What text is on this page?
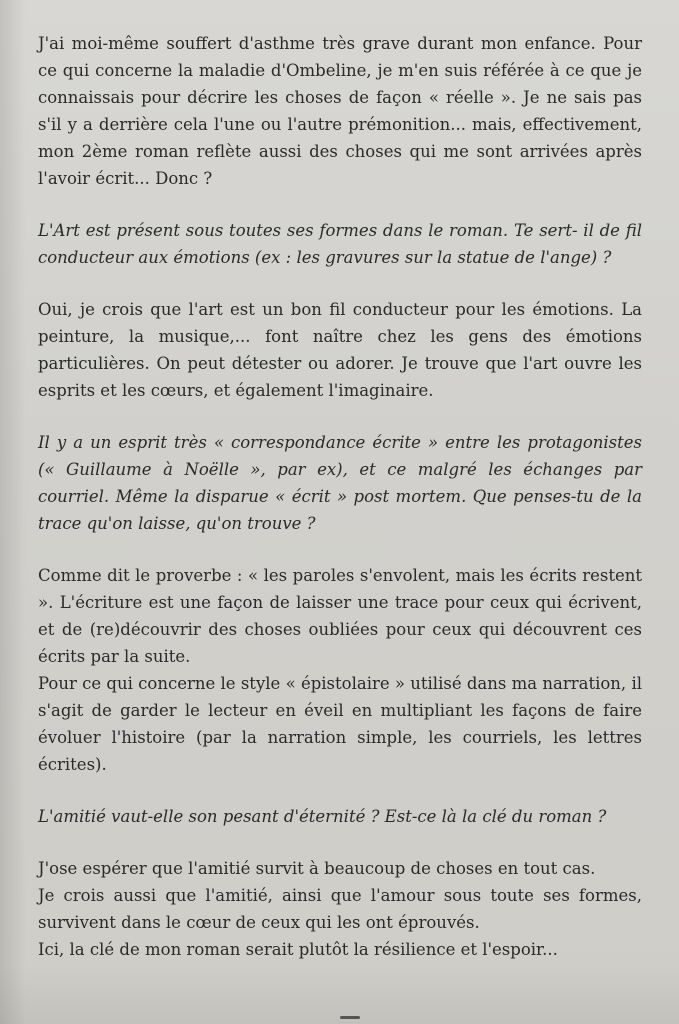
J'ai moi-même souffert d'asthme très grave durant mon enfance. Pour ce qui concerne la maladie d'Ombeline, je m'en suis référée à ce que je connaissais pour décrire les choses de façon « réelle ». Je ne sais pas s'il y a derrière cela l'une ou l'autre prémonition... mais, effectivement, mon 2ème roman reflète aussi des choses qui me sont arrivées après l'avoir écrit... Donc ?

L'Art est présent sous toutes ses formes dans le roman. Te sert- il de fil conducteur aux émotions (ex : les gravures sur la statue de l'ange) ?

Oui, je crois que l'art est un bon fil conducteur pour les émotions. La peinture, la musique,... font naître chez les gens des émotions particulières. On peut détester ou adorer. Je trouve que l'art ouvre les esprits et les cœurs, et également l'imaginaire.

Il y a un esprit très « correspondance écrite » entre les protagonistes (« Guillaume à Noëlle », par ex), et ce malgré les échanges par courriel. Même la disparue « écrit » post mortem. Que penses-tu de la trace qu'on laisse, qu'on trouve ?

Comme dit le proverbe : « les paroles s'envolent, mais les écrits restent ». L'écriture est une façon de laisser une trace pour ceux qui écrivent, et de (re)découvrir des choses oubliées pour ceux qui découvrent ces écrits par la suite.

Pour ce qui concerne le style « épistolaire » utilisé dans ma narration, il s'agit de garder le lecteur en éveil en multipliant les façons de faire évoluer l'histoire (par la narration simple, les courriels, les lettres écrites).

L'amitié vaut-elle son pesant d'éternité ? Est-ce là la clé du roman ?

J'ose espérer que l'amitié survit à beaucoup de choses en tout cas.

Je crois aussi que l'amitié, ainsi que l'amour sous toute ses formes, survivent dans le cœur de ceux qui les ont éprouvés.

Ici, la clé de mon roman serait plutôt la résilience et l'espoir...
